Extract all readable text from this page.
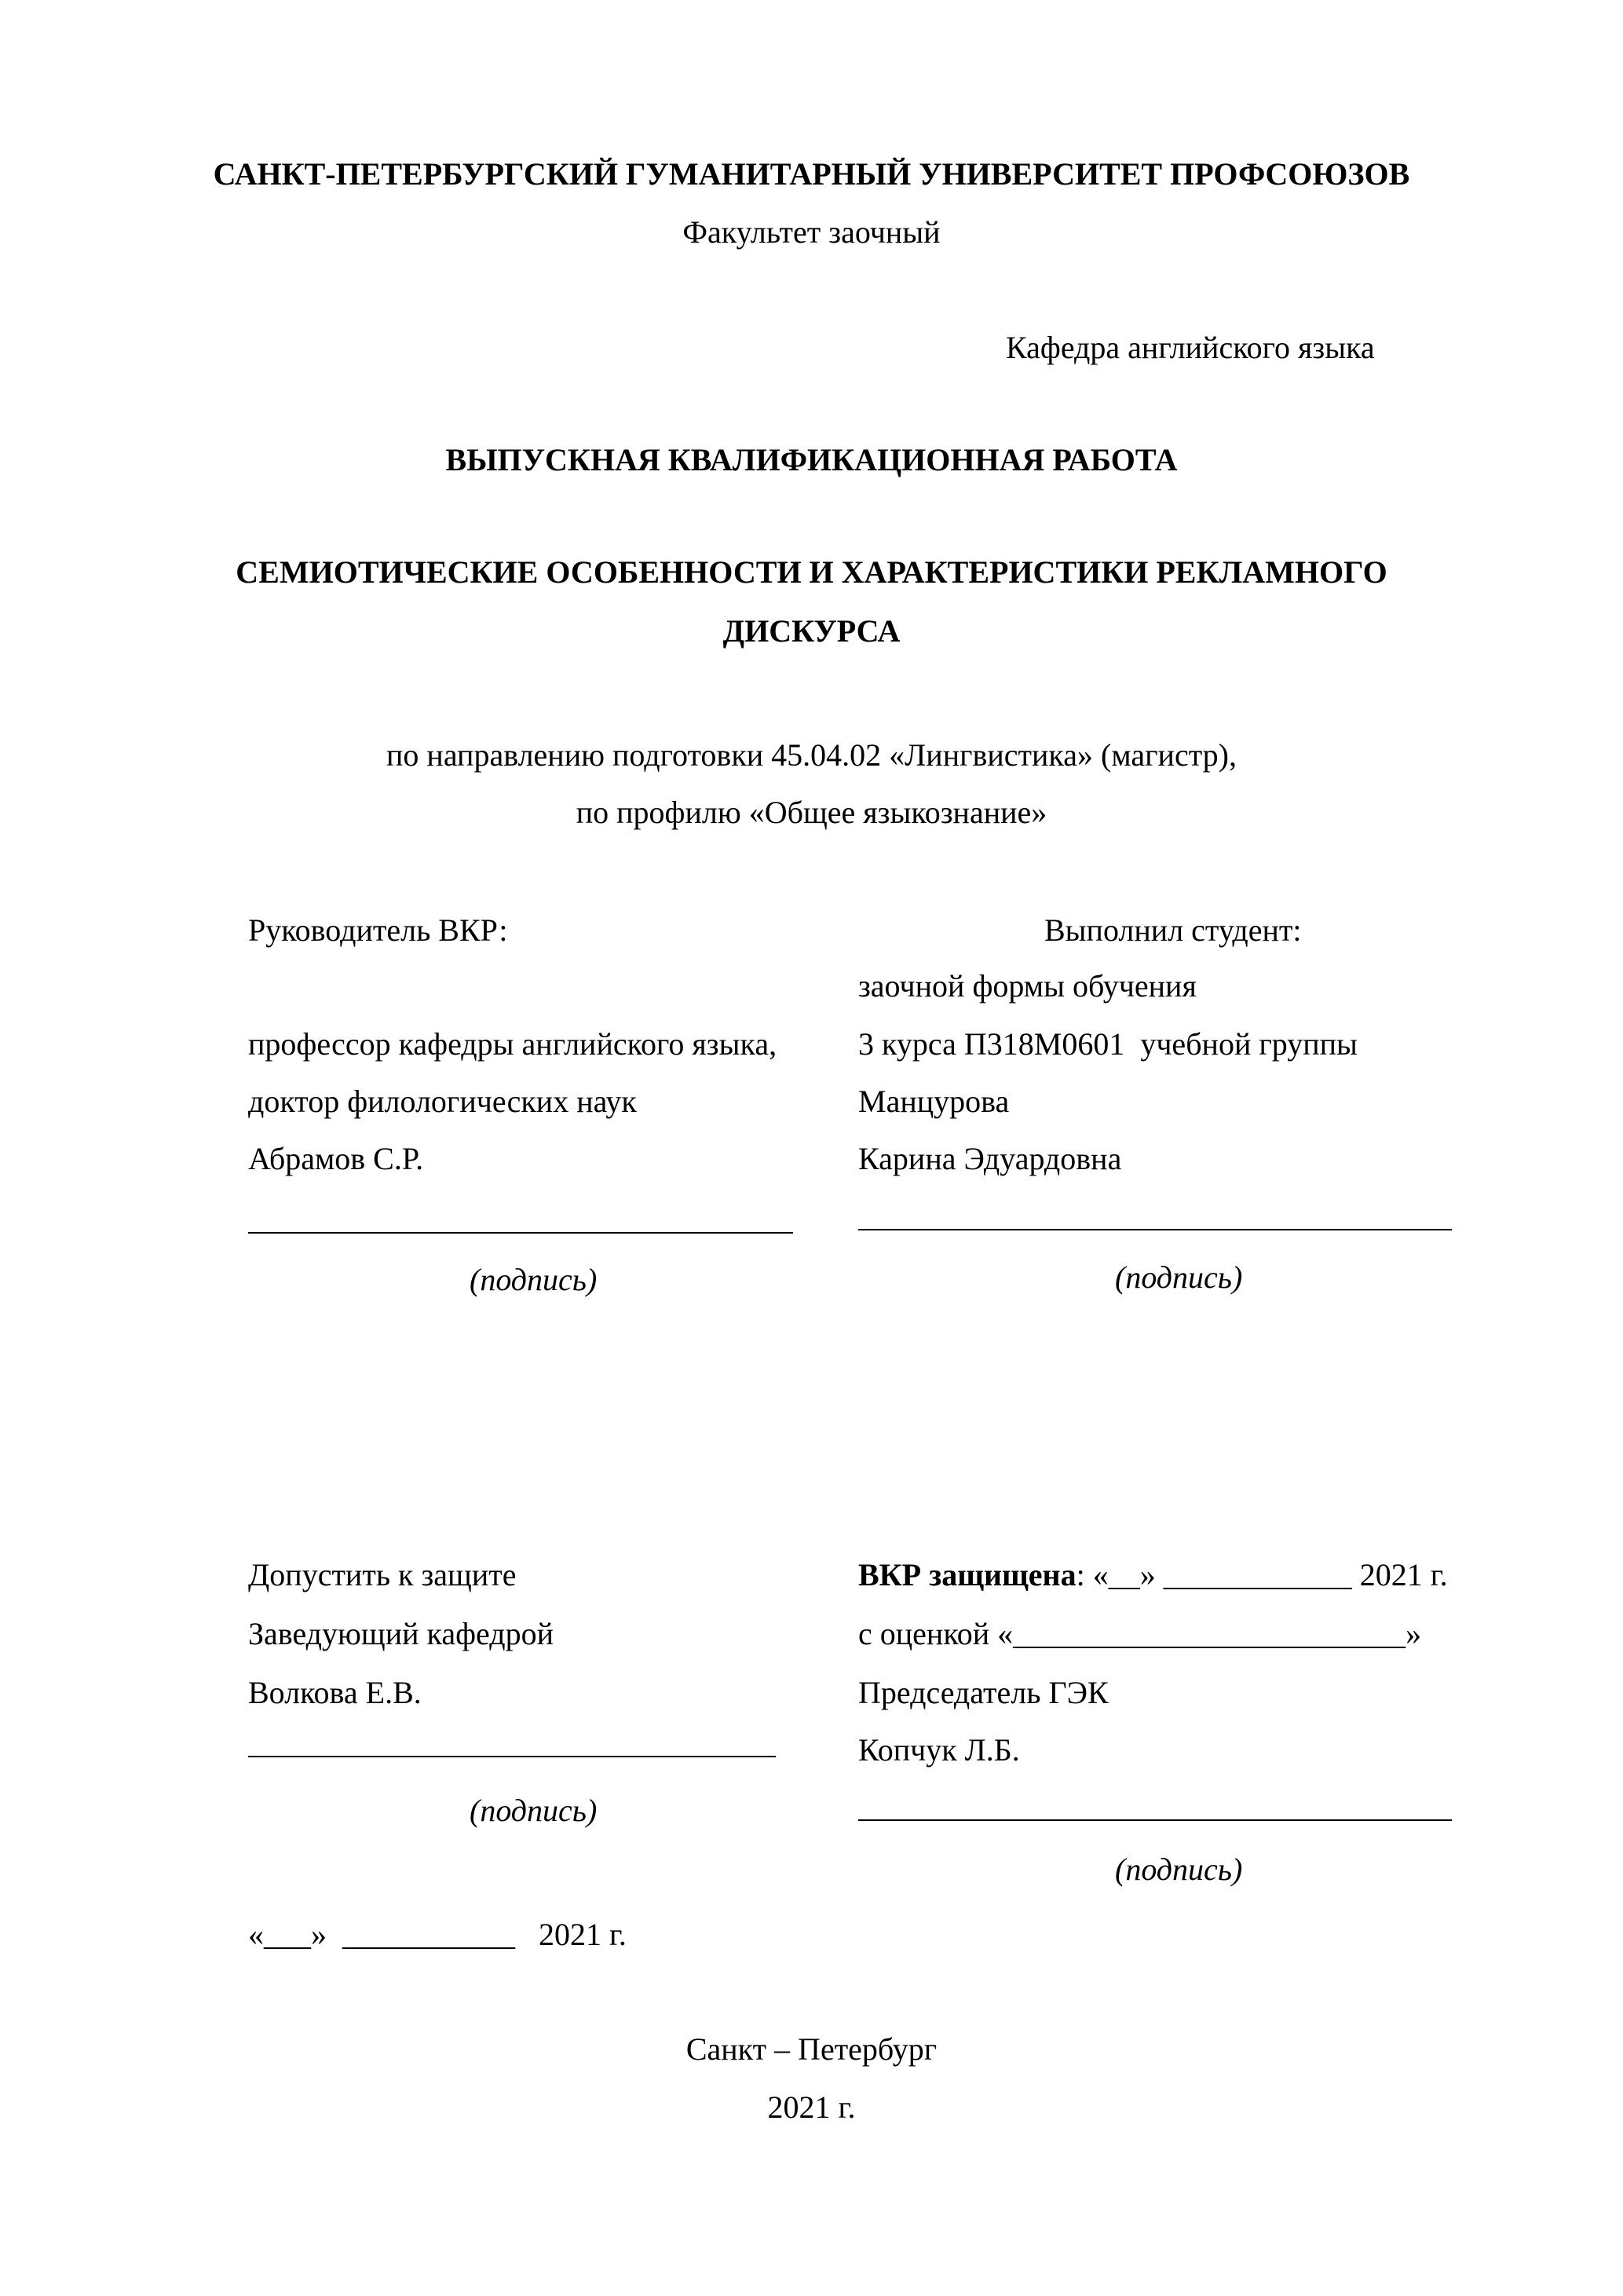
САНКТ-ПЕТЕРБУРГСКИЙ ГУМАНИТАРНЫЙ УНИВЕРСИТЕТ ПРОФСОЮЗОВ
Факультет заочный
Кафедра английского языка
ВЫПУСКНАЯ КВАЛИФИКАЦИОННАЯ РАБОТА
СЕМИОТИЧЕСКИЕ ОСОБЕННОСТИ И ХАРАКТЕРИСТИКИ РЕКЛАМНОГО
ДИСКУРСА
по направлению подготовки 45.04.02 «Лингвистика» (магистр),
по профилю «Общее языкознание»
Руководитель ВКР:
профессор кафедры английского языка,
доктор филологических наук
Абрамов С.Р.
(подпись)
Выполнил студент:
заочной формы обучения
3 курса П318М0601  учебной группы
Манцурова
Карина Эдуардовна
(подпись)
Допустить к защите
Заведующий кафедрой
Волкова Е.В.
(подпись)
«___»  ___________   2021 г.
ВКР защищена: «__» ____________ 2021 г.
с оценкой «_________________________»
Председатель ГЭК
Копчук Л.Б.
(подпись)
Санкт – Петербург
2021 г.
